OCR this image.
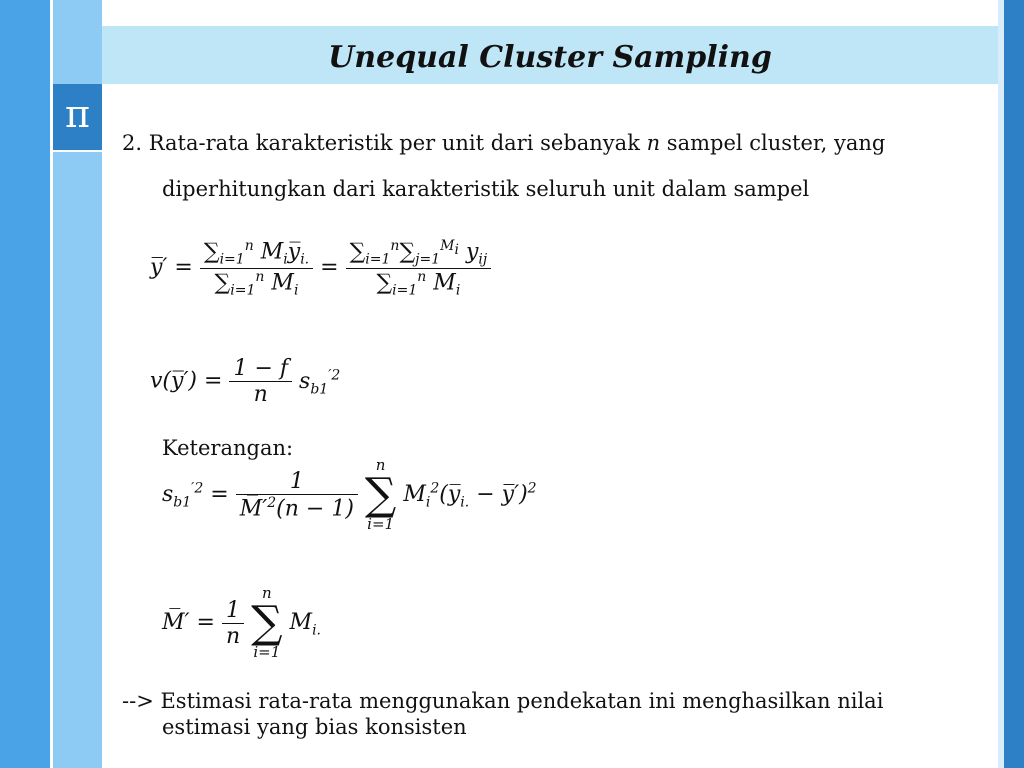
Unequal Cluster Sampling
π
2. Rata-rata karakteristik per unit dari sebanyak n sampel cluster, yang
diperhitungkan dari karakteristik seluruh unit dalam sampel
y̅̅′ = $\frac{\sum_{i=1}^n M_iy̅_{i.}}{\sum_{i=1}^n M_i} = \frac{\sum_{i=1}^n\sum_{j=1}^{M_i} y_{ij}}{\sum_{i=1}^n M_i}$
v(y̅̅′) = $\frac{1 - f}{n} s_{b1}^{'2}$
Keterangan:
$s_{b1}^{'2} = \frac{1}{M̅'^2(n - 1)}$

n
∑
i=1
$M_i^2(y̅_{i.}$ − y̅̅′)$^2$
M̅′ = $\frac{1}{n}$

n
∑
i=1
$M_{i.}$
--> Estimasi rata-rata menggunakan pendekatan ini menghasilkan nilai
estimasi yang bias konsisten
